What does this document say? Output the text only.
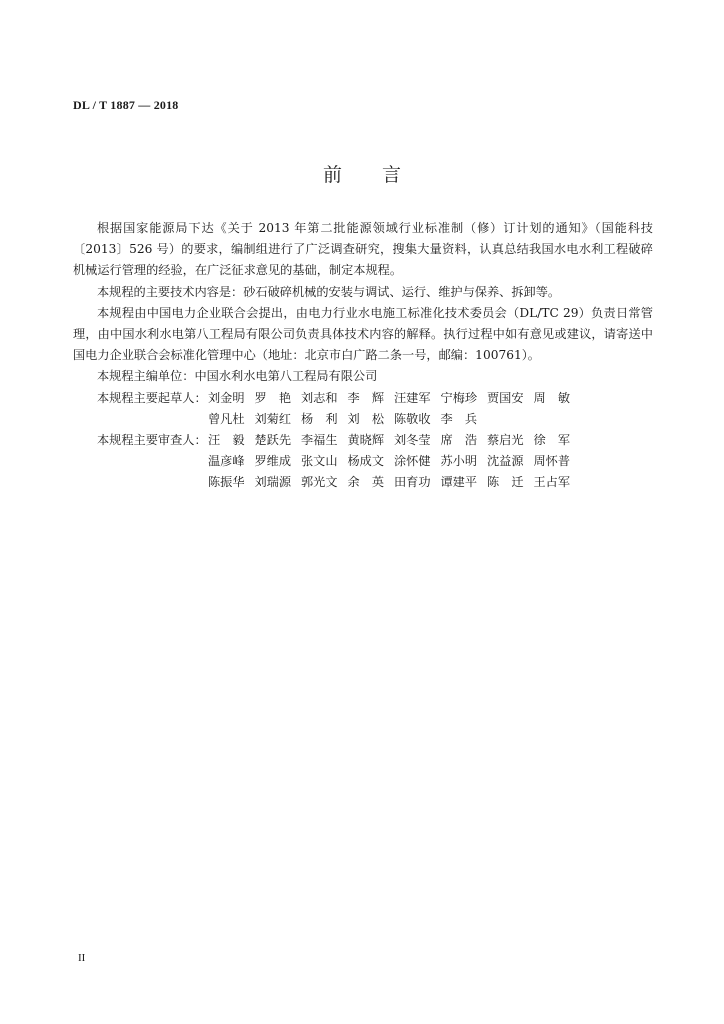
DL / T 1887 — 2018
前 言

根据国家能源局下达《关于 2013 年第二批能源领域行业标准制（修）订计划的通知》（国能科技〔2013〕526 号）的要求，编制组进行了广泛调查研究，搜集大量资料，认真总结我国水电水利工程破碎机械运行管理的经验，在广泛征求意见的基础，制定本规程。

本规程的主要技术内容是：砂石破碎机械的安装与调试、运行、维护与保养、拆卸等。

本规程由中国电力企业联合会提出，由电力行业水电施工标准化技术委员会（DL/TC 29）负责日常管理，由中国水利水电第八工程局有限公司负责具体技术内容的解释。执行过程中如有意见或建议，请寄送中国电力企业联合会标准化管理中心（地址：北京市白广路二条一号，邮编：100761）。

本规程主编单位：中国水利水电第八工程局有限公司

本规程主要起草人： 刘金明 罗　艳 刘志和 李　辉 汪建军 宁梅珍 贾国安 周　敏
曾凡杜 刘菊红 杨　利 刘　松 陈敬收 李　兵
本规程主要审查人： 汪　毅 楚跃先 李福生 黄晓辉 刘冬莹 席　浩 蔡启光 徐　军
温彦峰 罗维成 张文山 杨成文 涂怀健 苏小明 沈益源 周怀普
陈振华 刘瑞源 郭光文 余　英 田育功 谭建平 陈　迁 王占军
II
